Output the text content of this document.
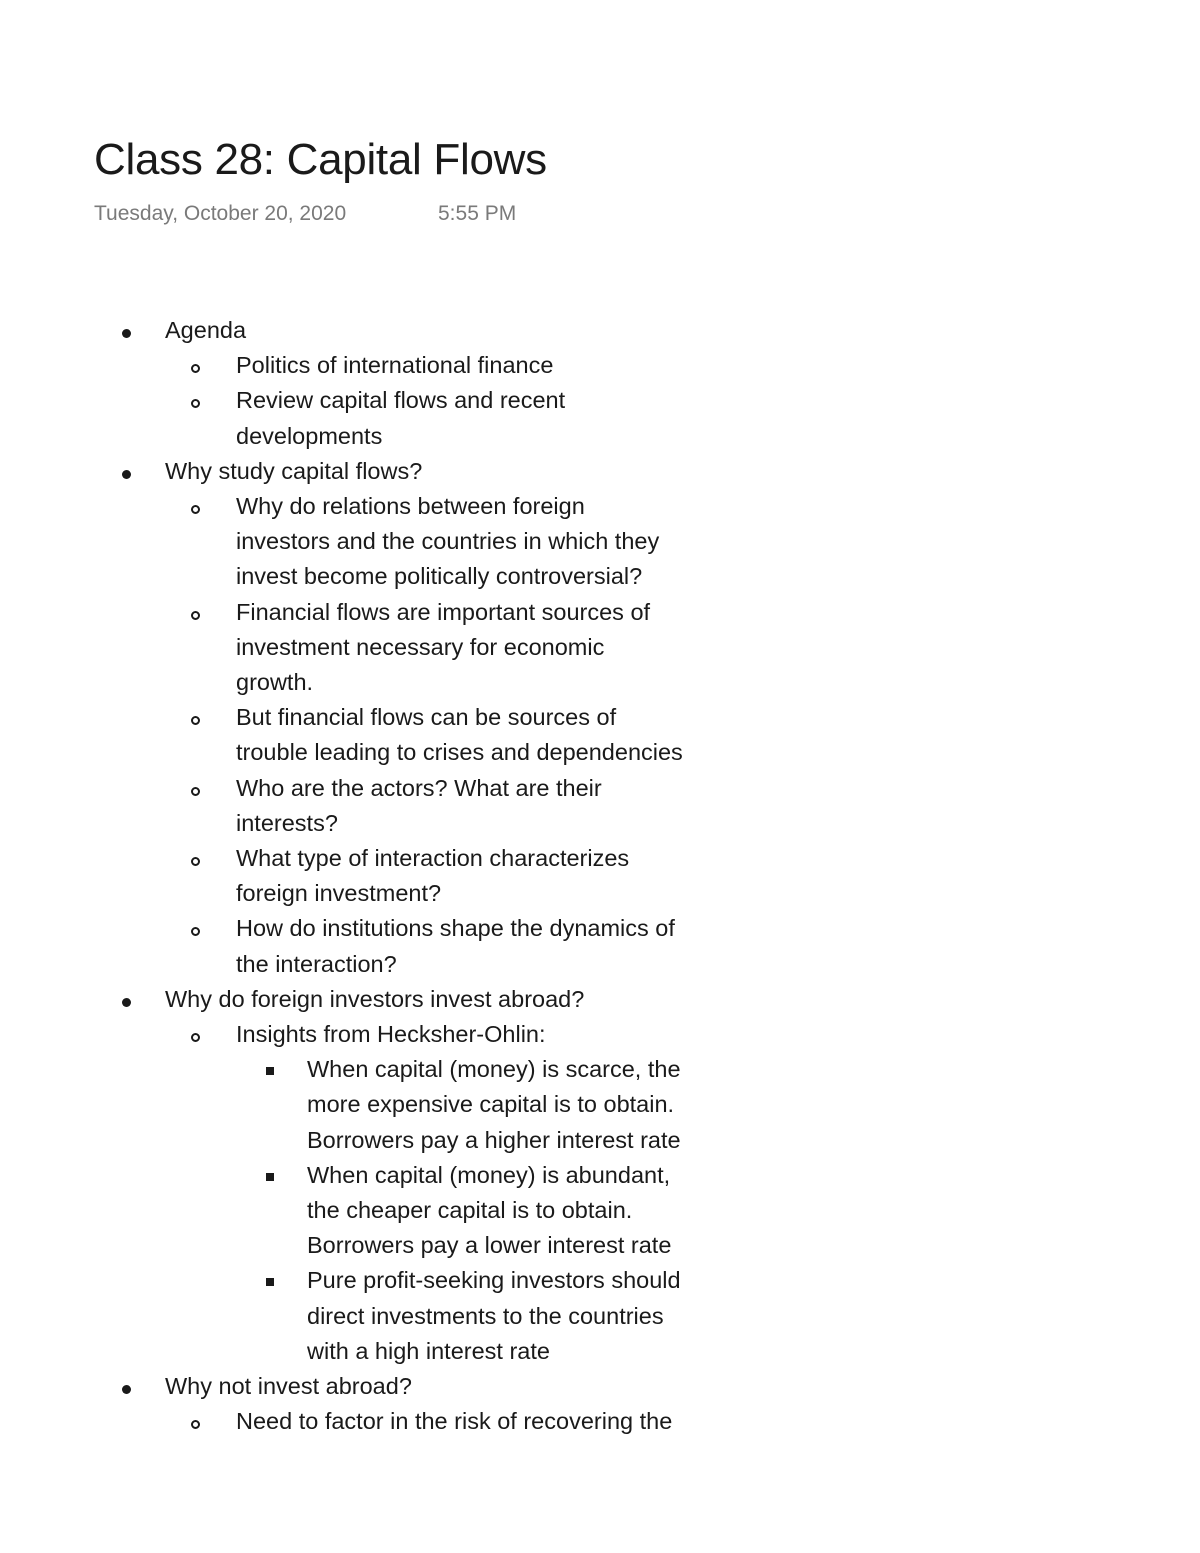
Class 28: Capital Flows
Tuesday, October 20, 2020	5:55 PM
Agenda
Politics of international finance
Review capital flows and recent
developments
Why study capital flows?
Why do relations between foreign
investors and the countries in which they
invest become politically controversial?
Financial flows are important sources of
investment necessary for economic
growth.
But financial flows can be sources of
trouble leading to crises and dependencies
Who are the actors? What are their
interests?
What type of interaction characterizes
foreign investment?
How do institutions shape the dynamics of
the interaction?
Why do foreign investors invest abroad?
Insights from Hecksher-Ohlin:
When capital (money) is scarce, the
more expensive capital is to obtain.
Borrowers pay a higher interest rate
When capital (money) is abundant,
the cheaper capital is to obtain.
Borrowers pay a lower interest rate
Pure profit-seeking investors should
direct investments to the countries
with a high interest rate
Why not invest abroad?
Need to factor in the risk of recovering the
